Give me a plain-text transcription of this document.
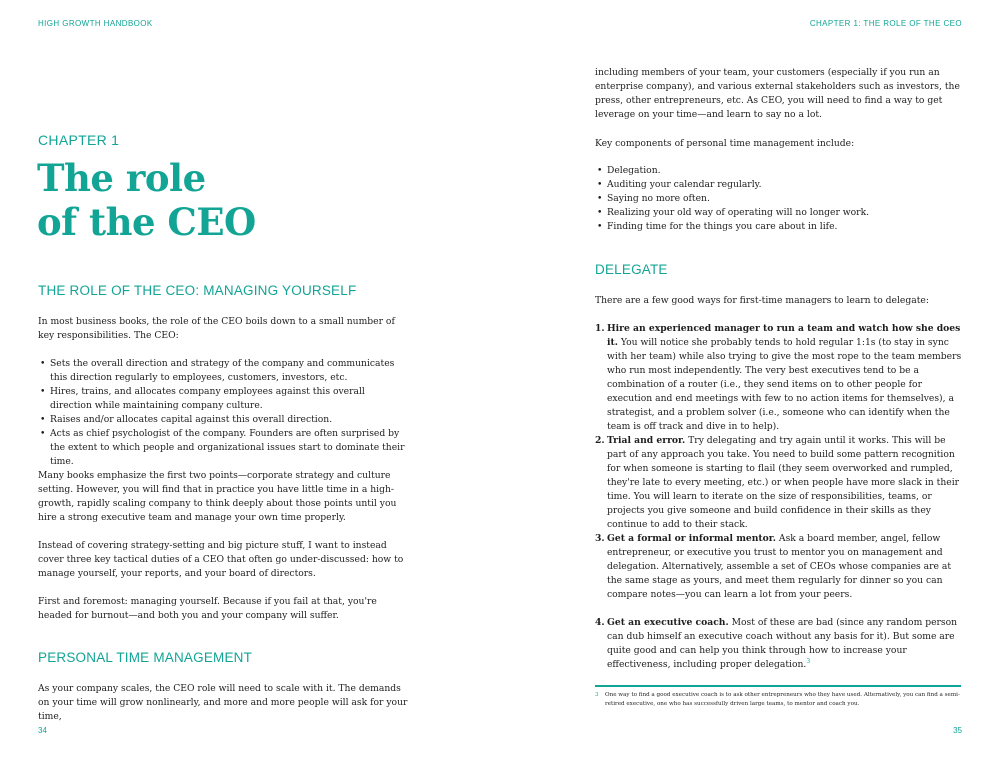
HIGH GROWTH HANDBOOK
CHAPTER 1
The role
of the CEO
THE ROLE OF THE CEO: MANAGING YOURSELF

In most business books, the role of the CEO boils down to a small number of key responsibilities. The CEO:

• Sets the overall direction and strategy of the company and communicates this direction regularly to employees, customers, investors, etc.
• Hires, trains, and allocates company employees against this overall direction while maintaining company culture.
• Raises and/or allocates capital against this overall direction.
• Acts as chief psychologist of the company. Founders are often surprised by the extent to which people and organizational issues start to dominate their time.

Many books emphasize the first two points—corporate strategy and culture setting. However, you will find that in practice you have little time in a high-growth, rapidly scaling company to think deeply about those points until you hire a strong executive team and manage your own time properly.

Instead of covering strategy-setting and big picture stuff, I want to instead cover three key tactical duties of a CEO that often go under-discussed: how to manage yourself, your reports, and your board of directors.

First and foremost: managing yourself. Because if you fail at that, you're headed for burnout—and both you and your company will suffer.

PERSONAL TIME MANAGEMENT

As your company scales, the CEO role will need to scale with it. The demands on your time will grow nonlinearly, and more and more people will ask for your time,

34
CHAPTER 1: THE ROLE OF THE CEO

including members of your team, your customers (especially if you run an enterprise company), and various external stakeholders such as investors, the press, other entrepreneurs, etc. As CEO, you will need to find a way to get leverage on your time—and learn to say no a lot.

Key components of personal time management include:

• Delegation.
• Auditing your calendar regularly.
• Saying no more often.
• Realizing your old way of operating will no longer work.
• Finding time for the things you care about in life.
DELEGATE

There are a few good ways for first-time managers to learn to delegate:

1. Hire an experienced manager to run a team and watch how she does it. You will notice she probably tends to hold regular 1:1s (to stay in sync with her team) while also trying to give the most rope to the team members who run most independently. The very best executives tend to be a combination of a router (i.e., they send items on to other people for execution and end meetings with few to no action items for themselves), a strategist, and a problem solver (i.e., someone who can identify when the team is off track and dive in to help).
2. Trial and error. Try delegating and try again until it works. This will be part of any approach you take. You need to build some pattern recognition for when someone is starting to flail (they seem overworked and rumpled, they're late to every meeting, etc.) or when people have more slack in their time. You will learn to iterate on the size of responsibilities, teams, or projects you give someone and build confidence in their skills as they continue to add to their stack.
3. Get a formal or informal mentor. Ask a board member, angel, fellow entrepreneur, or executive you trust to mentor you on management and delegation. Alternatively, assemble a set of CEOs whose companies are at the same stage as yours, and meet them regularly for dinner so you can compare notes—you can learn a lot from your peers.
4. Get an executive coach. Most of these are bad (since any random person can dub himself an executive coach without any basis for it). But some are quite good and can help you think through how to increase your effectiveness, including proper delegation.$^3$
3 One way to find a good executive coach is to ask other entrepreneurs who they have used. Alternatively, you can find a semi-retired executive, one who has successfully driven large teams, to mentor and coach you.
35
